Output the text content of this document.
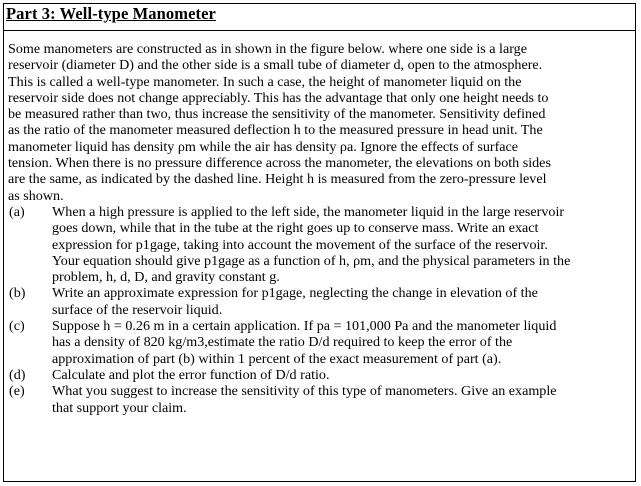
Part 3: Well-type Manometer
Some manometers are constructed as in shown in the figure below. where one side is a large
reservoir (diameter D) and the other side is a small tube of diameter d, open to the atmosphere.
This is called a well-type manometer. In such a case, the height of manometer liquid on the
reservoir side does not change appreciably. This has the advantage that only one height needs to
be measured rather than two, thus increase the sensitivity of the manometer. Sensitivity defined
as the ratio of the manometer measured deflection h to the measured pressure in head unit. The
manometer liquid has density ρm while the air has density ρa. Ignore the effects of surface
tension. When there is no pressure difference across the manometer, the elevations on both sides
are the same, as indicated by the dashed line. Height h is measured from the zero-pressure level
as shown.
(a) When a high pressure is applied to the left side, the manometer liquid in the large reservoir
goes down, while that in the tube at the right goes up to conserve mass. Write an exact
expression for p1gage, taking into account the movement of the surface of the reservoir.
Your equation should give p1gage as a function of h, ρm, and the physical parameters in the
problem, h, d, D, and gravity constant g.
(b) Write an approximate expression for p1gage, neglecting the change in elevation of the
surface of the reservoir liquid.
(c) Suppose h = 0.26 m in a certain application. If pa = 101,000 Pa and the manometer liquid
has a density of 820 kg/m3,estimate the ratio D/d required to keep the error of the
approximation of part (b) within 1 percent of the exact measurement of part (a).
(d) Calculate and plot the error function of D/d ratio.
(e) What you suggest to increase the sensitivity of this type of manometers. Give an example
that support your claim.
